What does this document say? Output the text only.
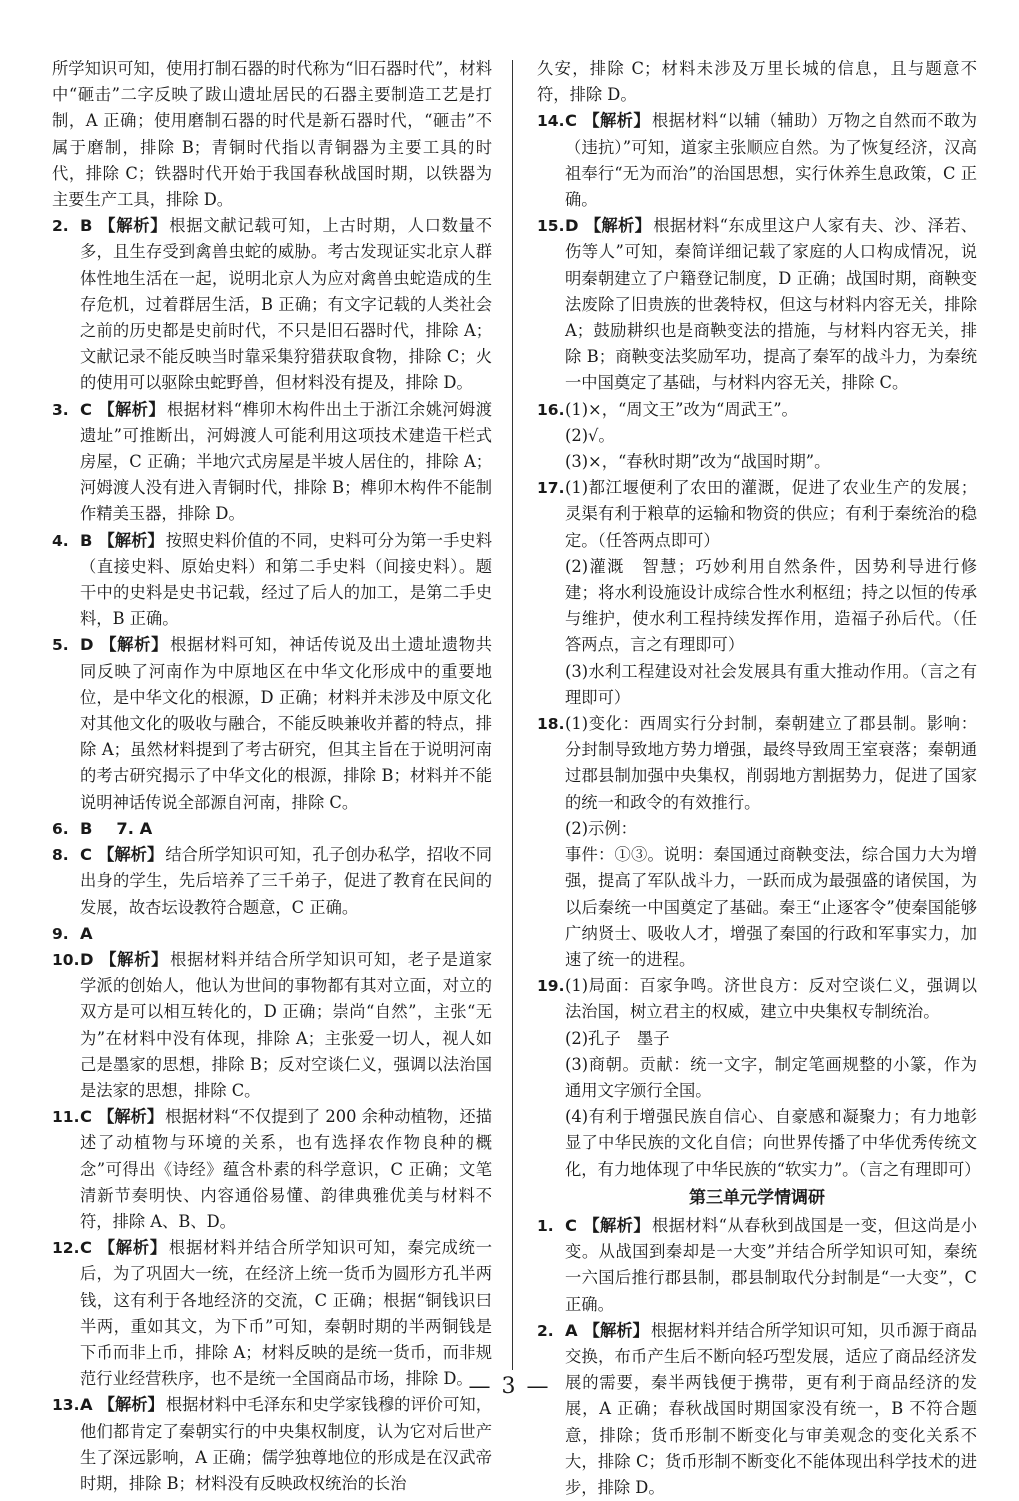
所学知识可知，使用打制石器的时代称为“旧石器时代”，材料中“砸击”二字反映了跋山遗址居民的石器主要制造工艺是打制，A 正确；使用磨制石器的时代是新石器时代，“砸击”不属于磨制，排除 B；青铜时代指以青铜器为主要工具的时代，排除 C；铁器时代开始于我国春秋战国时期，以铁器为主要生产工具，排除 D。
2. B 【解析】 根据文献记载可知，上古时期，人口数量不多，且生存受到禽兽虫蛇的威胁。考古发现证实北京人群体性地生活在一起，说明北京人为应对禽兽虫蛇造成的生存危机，过着群居生活，B 正确；有文字记载的人类社会之前的历史都是史前时代，不只是旧石器时代，排除 A；文献记录不能反映当时靠采集狩猎获取食物，排除 C；火的使用可以驱除虫蛇野兽，但材料没有提及，排除 D。
3. C 【解析】 根据材料“榫卯木构件出土于浙江余姚河姆渡遗址”可推断出，河姆渡人可能利用这项技术建造干栏式房屋，C 正确；半地穴式房屋是半坡人居住的，排除 A；河姆渡人没有进入青铜时代，排除 B；榫卯木构件不能制作精美玉器，排除 D。
4. B 【解析】 按照史料价值的不同，史料可分为第一手史料（直接史料、原始史料）和第二手史料（间接史料）。题干中的史料是史书记载，经过了后人的加工，是第二手史料，B 正确。
5. D 【解析】 根据材料可知，神话传说及出土遗址遗物共同反映了河南作为中原地区在中华文化形成中的重要地位，是中华文化的根源，D 正确；材料并未涉及中原文化对其他文化的吸收与融合，不能反映兼收并蓄的特点，排除 A；虽然材料提到了考古研究，但其主旨在于说明河南的考古研究揭示了中华文化的根源，排除 B；材料并不能说明神话传说全部源自河南，排除 C。
6. B 7. A
8. C 【解析】 结合所学知识可知，孔子创办私学，招收不同出身的学生，先后培养了三千弟子，促进了教育在民间的发展，故杏坛设教符合题意，C 正确。
9. A
10. D 【解析】 根据材料并结合所学知识可知，老子是道家学派的创始人，他认为世间的事物都有其对立面，对立的双方是可以相互转化的，D 正确；崇尚“自然”，主张“无为”在材料中没有体现，排除 A；主张爱一切人，视人如己是墨家的思想，排除 B；反对空谈仁义，强调以法治国是法家的思想，排除 C。
11. C 【解析】 根据材料“不仅提到了 200 余种动植物，还描述了动植物与环境的关系，也有选择农作物良种的概念”可得出《诗经》蕴含朴素的科学意识，C 正确；文笔清新节奏明快、内容通俗易懂、韵律典雅优美与材料不符，排除 A、B、D。
12. C 【解析】 根据材料并结合所学知识可知，秦完成统一后，为了巩固大一统，在经济上统一货币为圆形方孔半两钱，这有利于各地经济的交流，C 正确；根据“铜钱识曰半两，重如其文，为下币”可知，秦朝时期的半两铜钱是下币而非上币，排除 A；材料反映的是统一货币，而非规范行业经营秩序，也不是统一全国商品市场，排除 D。
13. A 【解析】 根据材料中毛泽东和史学家钱穆的评价可知，他们都肯定了秦朝实行的中央集权制度，认为它对后世产生了深远影响，A 正确；儒学独尊地位的形成是在汉武帝时期，排除 B；材料没有反映政权统治的长治
久安，排除 C；材料未涉及万里长城的信息，且与题意不符，排除 D。
14. C 【解析】 根据材料“以辅（辅助）万物之自然而不敢为（违抗）”可知，道家主张顺应自然。为了恢复经济，汉高祖奉行“无为而治”的治国思想，实行休养生息政策，C 正确。
15. D 【解析】 根据材料“东成里这户人家有夫、沙、泽若、伤等人”可知，秦简详细记载了家庭的人口构成情况，说明秦朝建立了户籍登记制度，D 正确；战国时期，商鞅变法废除了旧贵族的世袭特权，但这与材料内容无关，排除 A；鼓励耕织也是商鞅变法的措施，与材料内容无关，排除 B；商鞅变法奖励军功，提高了秦军的战斗力，为秦统一中国奠定了基础，与材料内容无关，排除 C。
16. (1)×，“周文王”改为“周武王”。
(2)√。
(3)×，“春秋时期”改为“战国时期”。
17. (1)都江堰便利了农田的灌溉，促进了农业生产的发展；灵渠有利于粮草的运输和物资的供应；有利于秦统治的稳定。（任答两点即可）
(2)灌溉　智慧；巧妙利用自然条件，因势利导进行修建；将水利设施设计成综合性水利枢纽；持之以恒的传承与维护，使水利工程持续发挥作用，造福子孙后代。（任答两点，言之有理即可）
(3)水利工程建设对社会发展具有重大推动作用。（言之有理即可）
18. (1)变化：西周实行分封制，秦朝建立了郡县制。影响：分封制导致地方势力增强，最终导致周王室衰落；秦朝通过郡县制加强中央集权，削弱地方割据势力，促进了国家的统一和政令的有效推行。
(2)示例：
事件：①③。说明：秦国通过商鞅变法，综合国力大为增强，提高了军队战斗力，一跃而成为最强盛的诸侯国，为以后秦统一中国奠定了基础。秦王“止逐客令”使秦国能够广纳贤士、吸收人才，增强了秦国的行政和军事实力，加速了统一的进程。
19. (1)局面：百家争鸣。济世良方：反对空谈仁义，强调以法治国，树立君主的权威，建立中央集权专制统治。
(2)孔子　墨子
(3)商朝。贡献：统一文字，制定笔画规整的小篆，作为通用文字颁行全国。
(4)有利于增强民族自信心、自豪感和凝聚力；有力地彰显了中华民族的文化自信；向世界传播了中华优秀传统文化，有力地体现了中华民族的“软实力”。（言之有理即可）
第三单元学情调研
1. C 【解析】 根据材料“从春秋到战国是一变，但这尚是小变。从战国到秦却是一大变”并结合所学知识可知，秦统一六国后推行郡县制，郡县制取代分封制是“一大变”，C 正确。
2. A 【解析】 根据材料并结合所学知识可知，贝币源于商品交换，布币产生后不断向轻巧型发展，适应了商品经济发展的需要，秦半两钱便于携带，更有利于商品经济的发展，A 正确；春秋战国时期国家没有统一，B 不符合题意，排除；货币形制不断变化与审美观念的变化关系不大，排除 C；货币形制不断变化不能体现出科学技术的进步，排除 D。
— 3 —
